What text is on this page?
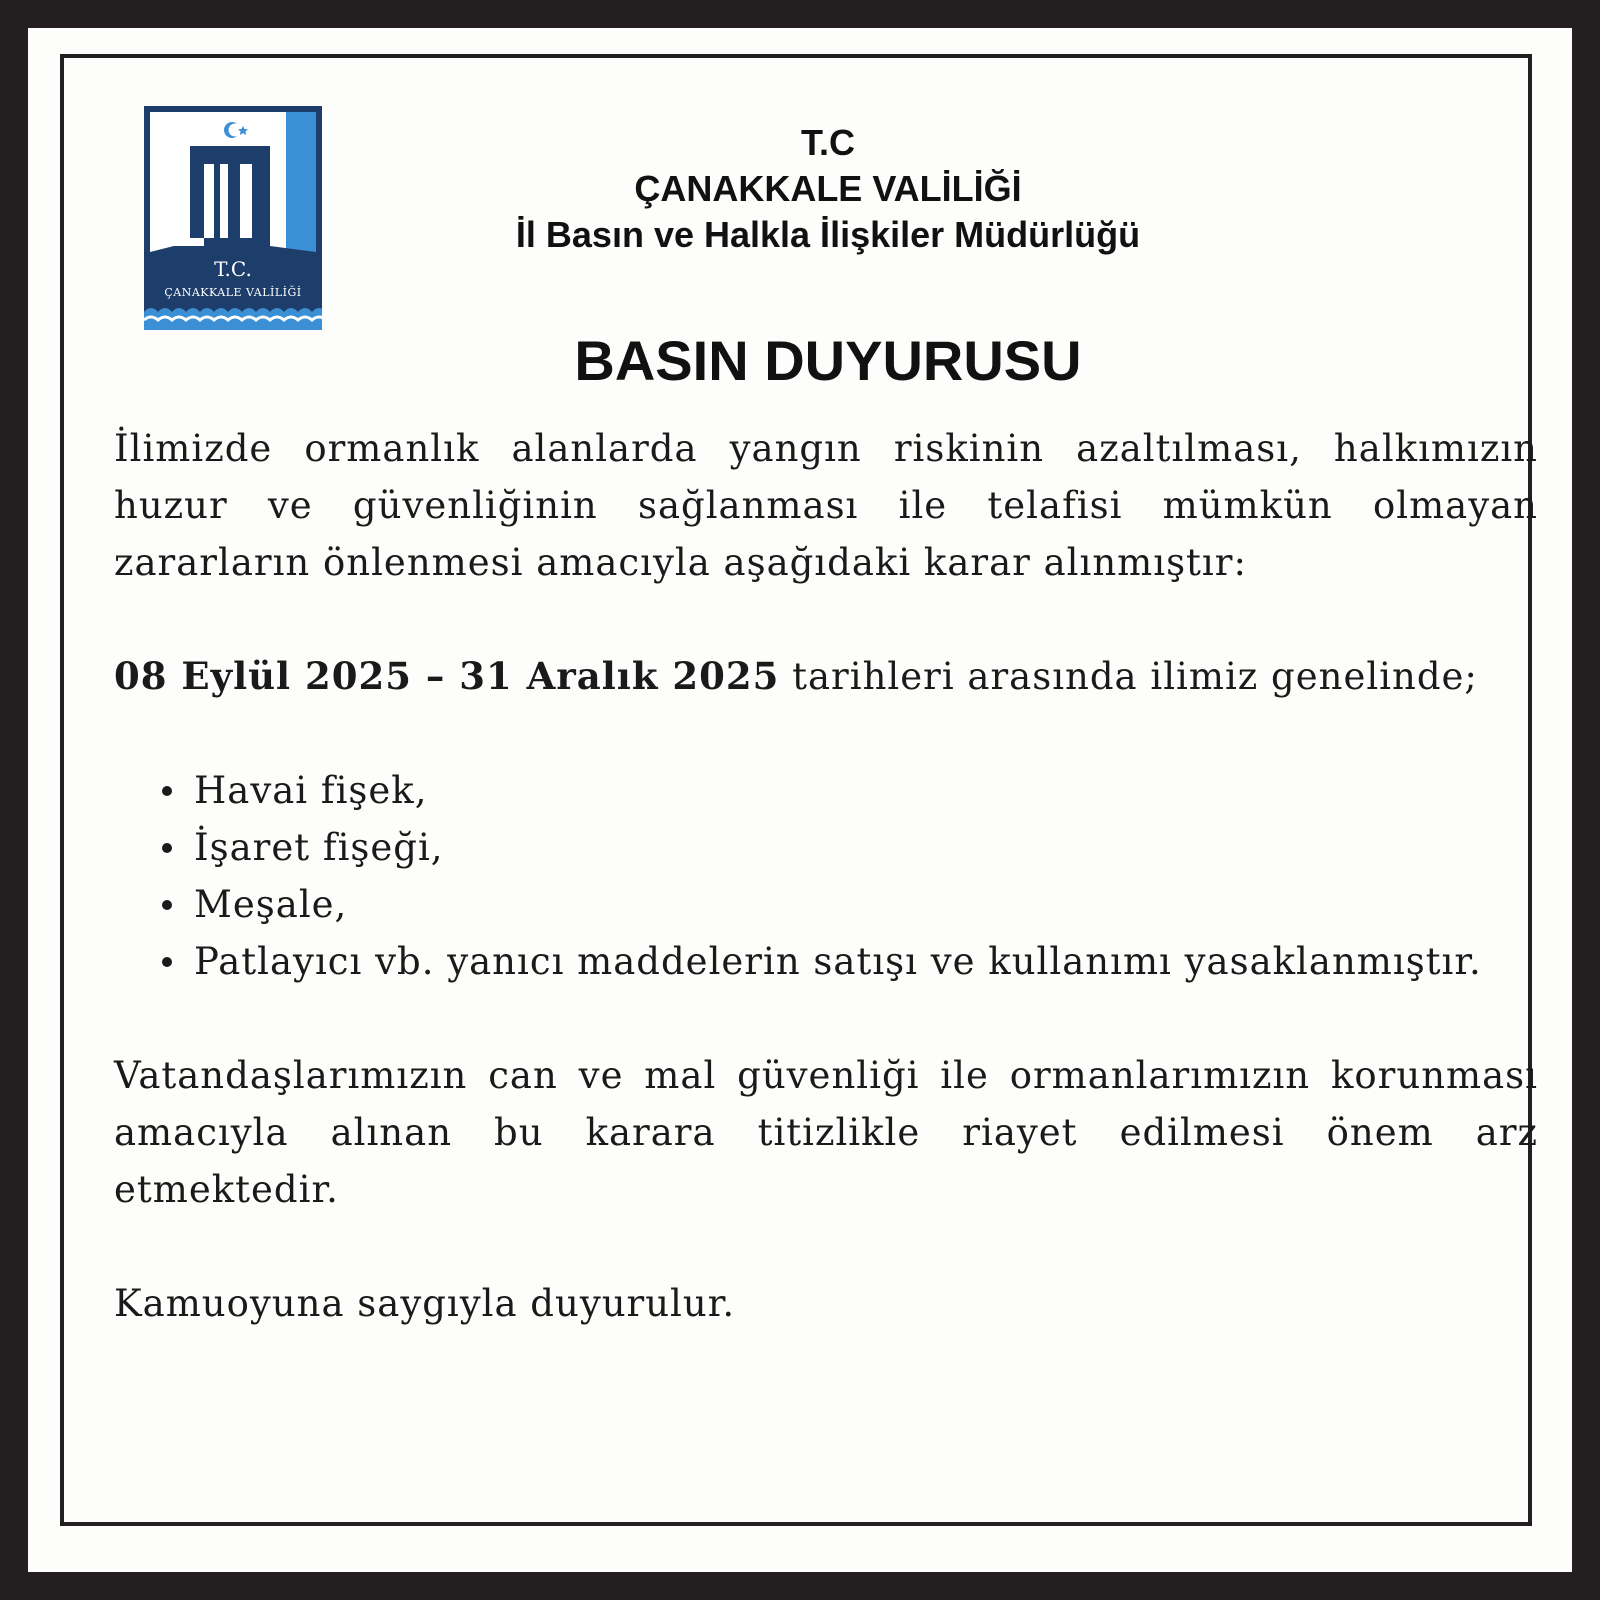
T.C.
ÇANAKKALE VALİLİĞİ
T.C
ÇANAKKALE VALİLİĞİ
İl Basın ve Halkla İlişkiler Müdürlüğü
BASIN DUYURUSU

İlimizde ormanlık alanlarda yangın riskinin azaltılması, halkımızın huzur ve güvenliğinin sağlanması ile telafisi mümkün olmayan zararların önlenmesi amacıyla aşağıdaki karar alınmıştır:

08 Eylül 2025 – 31 Aralık 2025 tarihleri arasında ilimiz genelinde;

Havai fişek,
İşaret fişeği,
Meşale,
Patlayıcı vb. yanıcı maddelerin satışı ve kullanımı yasaklanmıştır.

Vatandaşlarımızın can ve mal güvenliği ile ormanlarımızın korunması amacıyla alınan bu karara titizlikle riayet edilmesi önem arz etmektedir.

Kamuoyuna saygıyla duyurulur.
